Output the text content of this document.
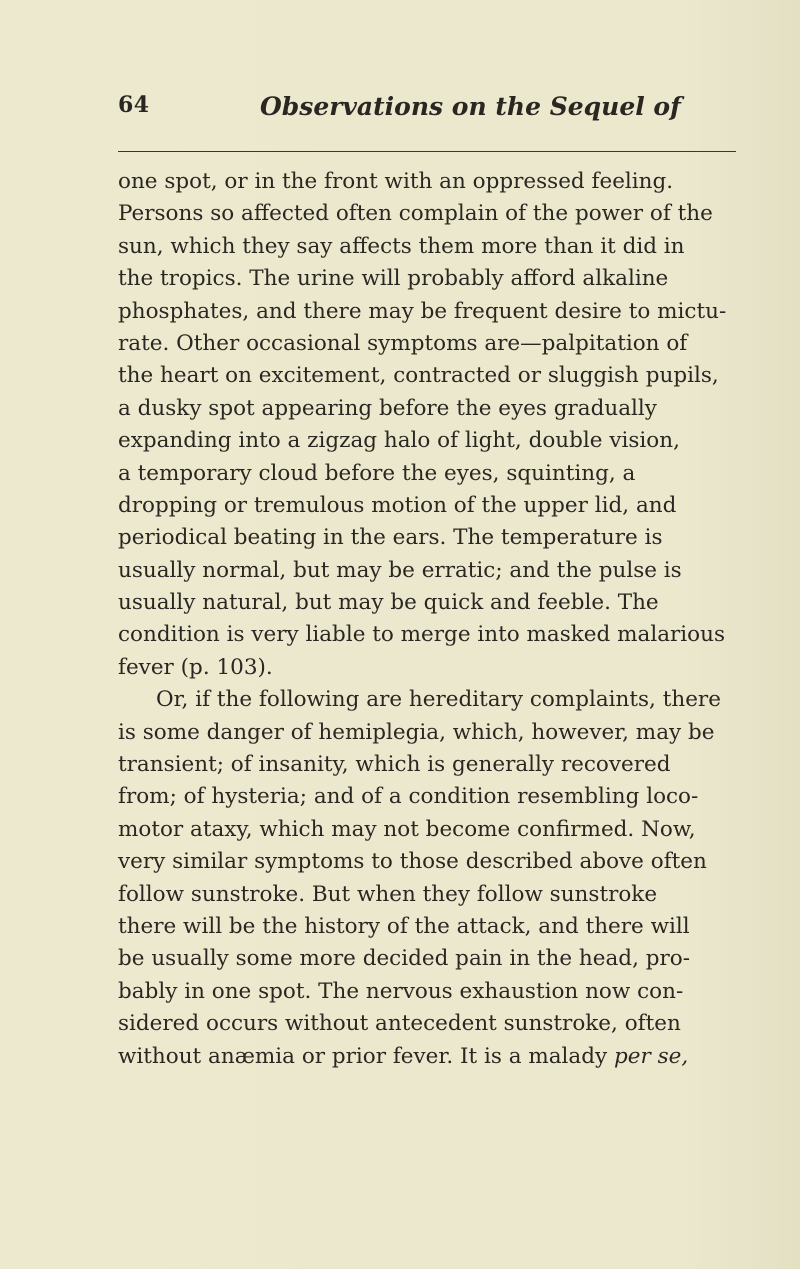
64	Observations on the Sequel of
one spot, or in the front with an oppressed feeling.
Persons so affected often complain of the power of the
sun, which they say affects them more than it did in
the tropics. The urine will probably afford alkaline
phosphates, and there may be frequent desire to mictu-
rate. Other occasional symptoms are—palpitation of
the heart on excitement, contracted or sluggish pupils,
a dusky spot appearing before the eyes gradually
expanding into a zigzag halo of light, double vision,
a temporary cloud before the eyes, squinting, a
dropping or tremulous motion of the upper lid, and
periodical beating in the ears. The temperature is
usually normal, but may be erratic; and the pulse is
usually natural, but may be quick and feeble. The
condition is very liable to merge into masked malarious
fever (p. 103).
Or, if the following are hereditary complaints, there
is some danger of hemiplegia, which, however, may be
transient; of insanity, which is generally recovered
from; of hysteria; and of a condition resembling loco-
motor ataxy, which may not become confirmed. Now,
very similar symptoms to those described above often
follow sunstroke. But when they follow sunstroke
there will be the history of the attack, and there will
be usually some more decided pain in the head, pro-
bably in one spot. The nervous exhaustion now con-
sidered occurs without antecedent sunstroke, often
without anæmia or prior fever. It is a malady per se,
